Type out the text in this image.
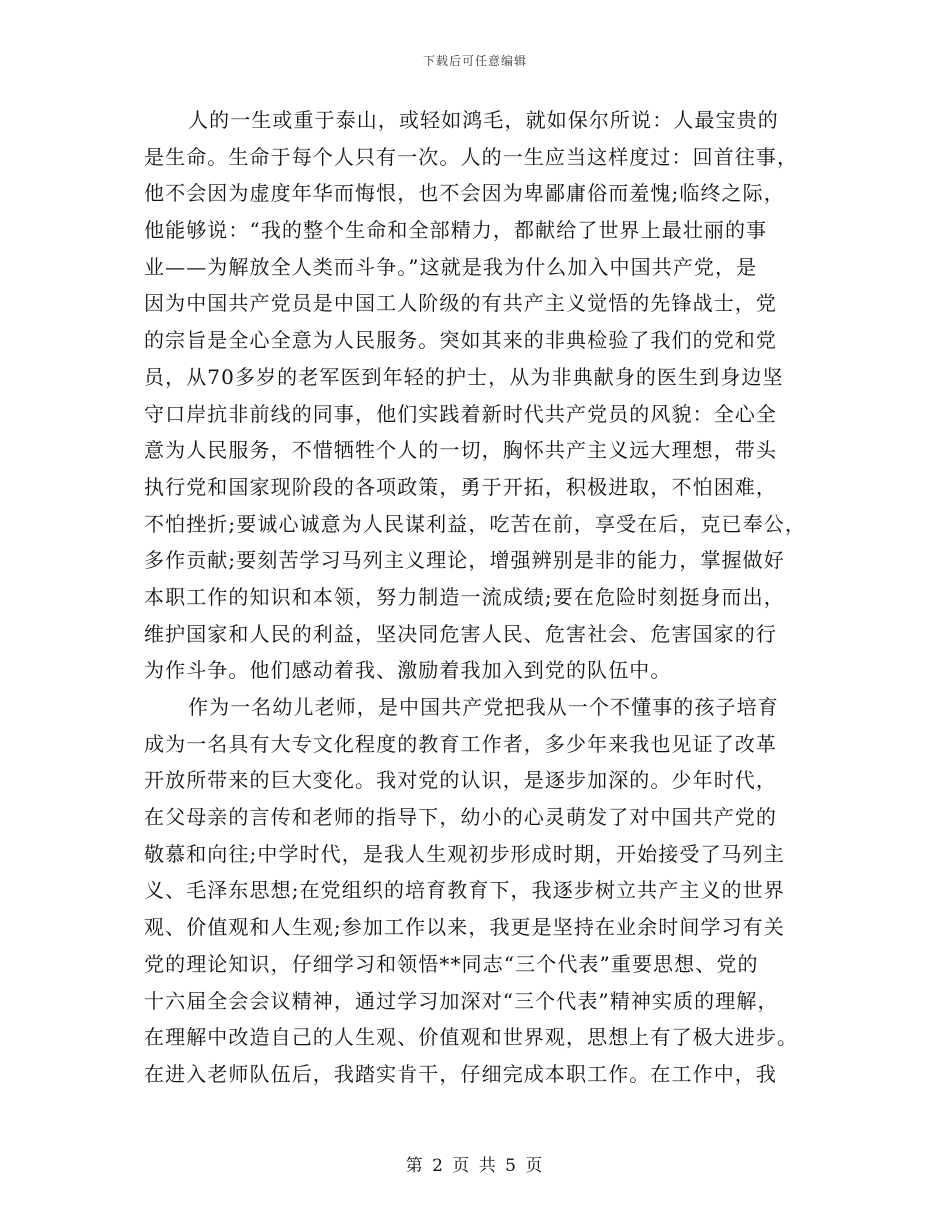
下载后可任意编辑
人的一生或重于泰山，或轻如鸿毛，就如保尔所说：人最宝贵的
是生命。生命于每个人只有一次。人的一生应当这样度过：回首往事，
他不会因为虚度年华而悔恨，也不会因为卑鄙庸俗而羞愧;临终之际，
他能够说：“我的整个生命和全部精力，都献给了世界上最壮丽的事
业——为解放全人类而斗争。”这就是我为什么加入中国共产党，是
因为中国共产党员是中国工人阶级的有共产主义觉悟的先锋战士，党
的宗旨是全心全意为人民服务。突如其来的非典检验了我们的党和党
员，从70多岁的老军医到年轻的护士，从为非典献身的医生到身边坚
守口岸抗非前线的同事，他们实践着新时代共产党员的风貌：全心全
意为人民服务，不惜牺牲个人的一切，胸怀共产主义远大理想，带头
执行党和国家现阶段的各项政策，勇于开拓，积极进取，不怕困难，
不怕挫折;要诚心诚意为人民谋利益，吃苦在前，享受在后，克已奉公，
多作贡献;要刻苦学习马列主义理论，增强辨别是非的能力，掌握做好
本职工作的知识和本领，努力制造一流成绩;要在危险时刻挺身而出，
维护国家和人民的利益，坚决同危害人民、危害社会、危害国家的行
为作斗争。他们感动着我、激励着我加入到党的队伍中。
作为一名幼儿老师，是中国共产党把我从一个不懂事的孩子培育
成为一名具有大专文化程度的教育工作者，多少年来我也见证了改革
开放所带来的巨大变化。我对党的认识，是逐步加深的。少年时代，
在父母亲的言传和老师的指导下，幼小的心灵萌发了对中国共产党的
敬慕和向往;中学时代，是我人生观初步形成时期，开始接受了马列主
义、毛泽东思想;在党组织的培育教育下，我逐步树立共产主义的世界
观、价值观和人生观;参加工作以来，我更是坚持在业余时间学习有关
党的理论知识，仔细学习和领悟**同志“三个代表”重要思想、党的
十六届全会会议精神，通过学习加深对“三个代表”精神实质的理解，
在理解中改造自己的人生观、价值观和世界观，思想上有了极大进步。
在进入老师队伍后，我踏实肯干，仔细完成本职工作。在工作中，我
第 2 页 共 5 页
